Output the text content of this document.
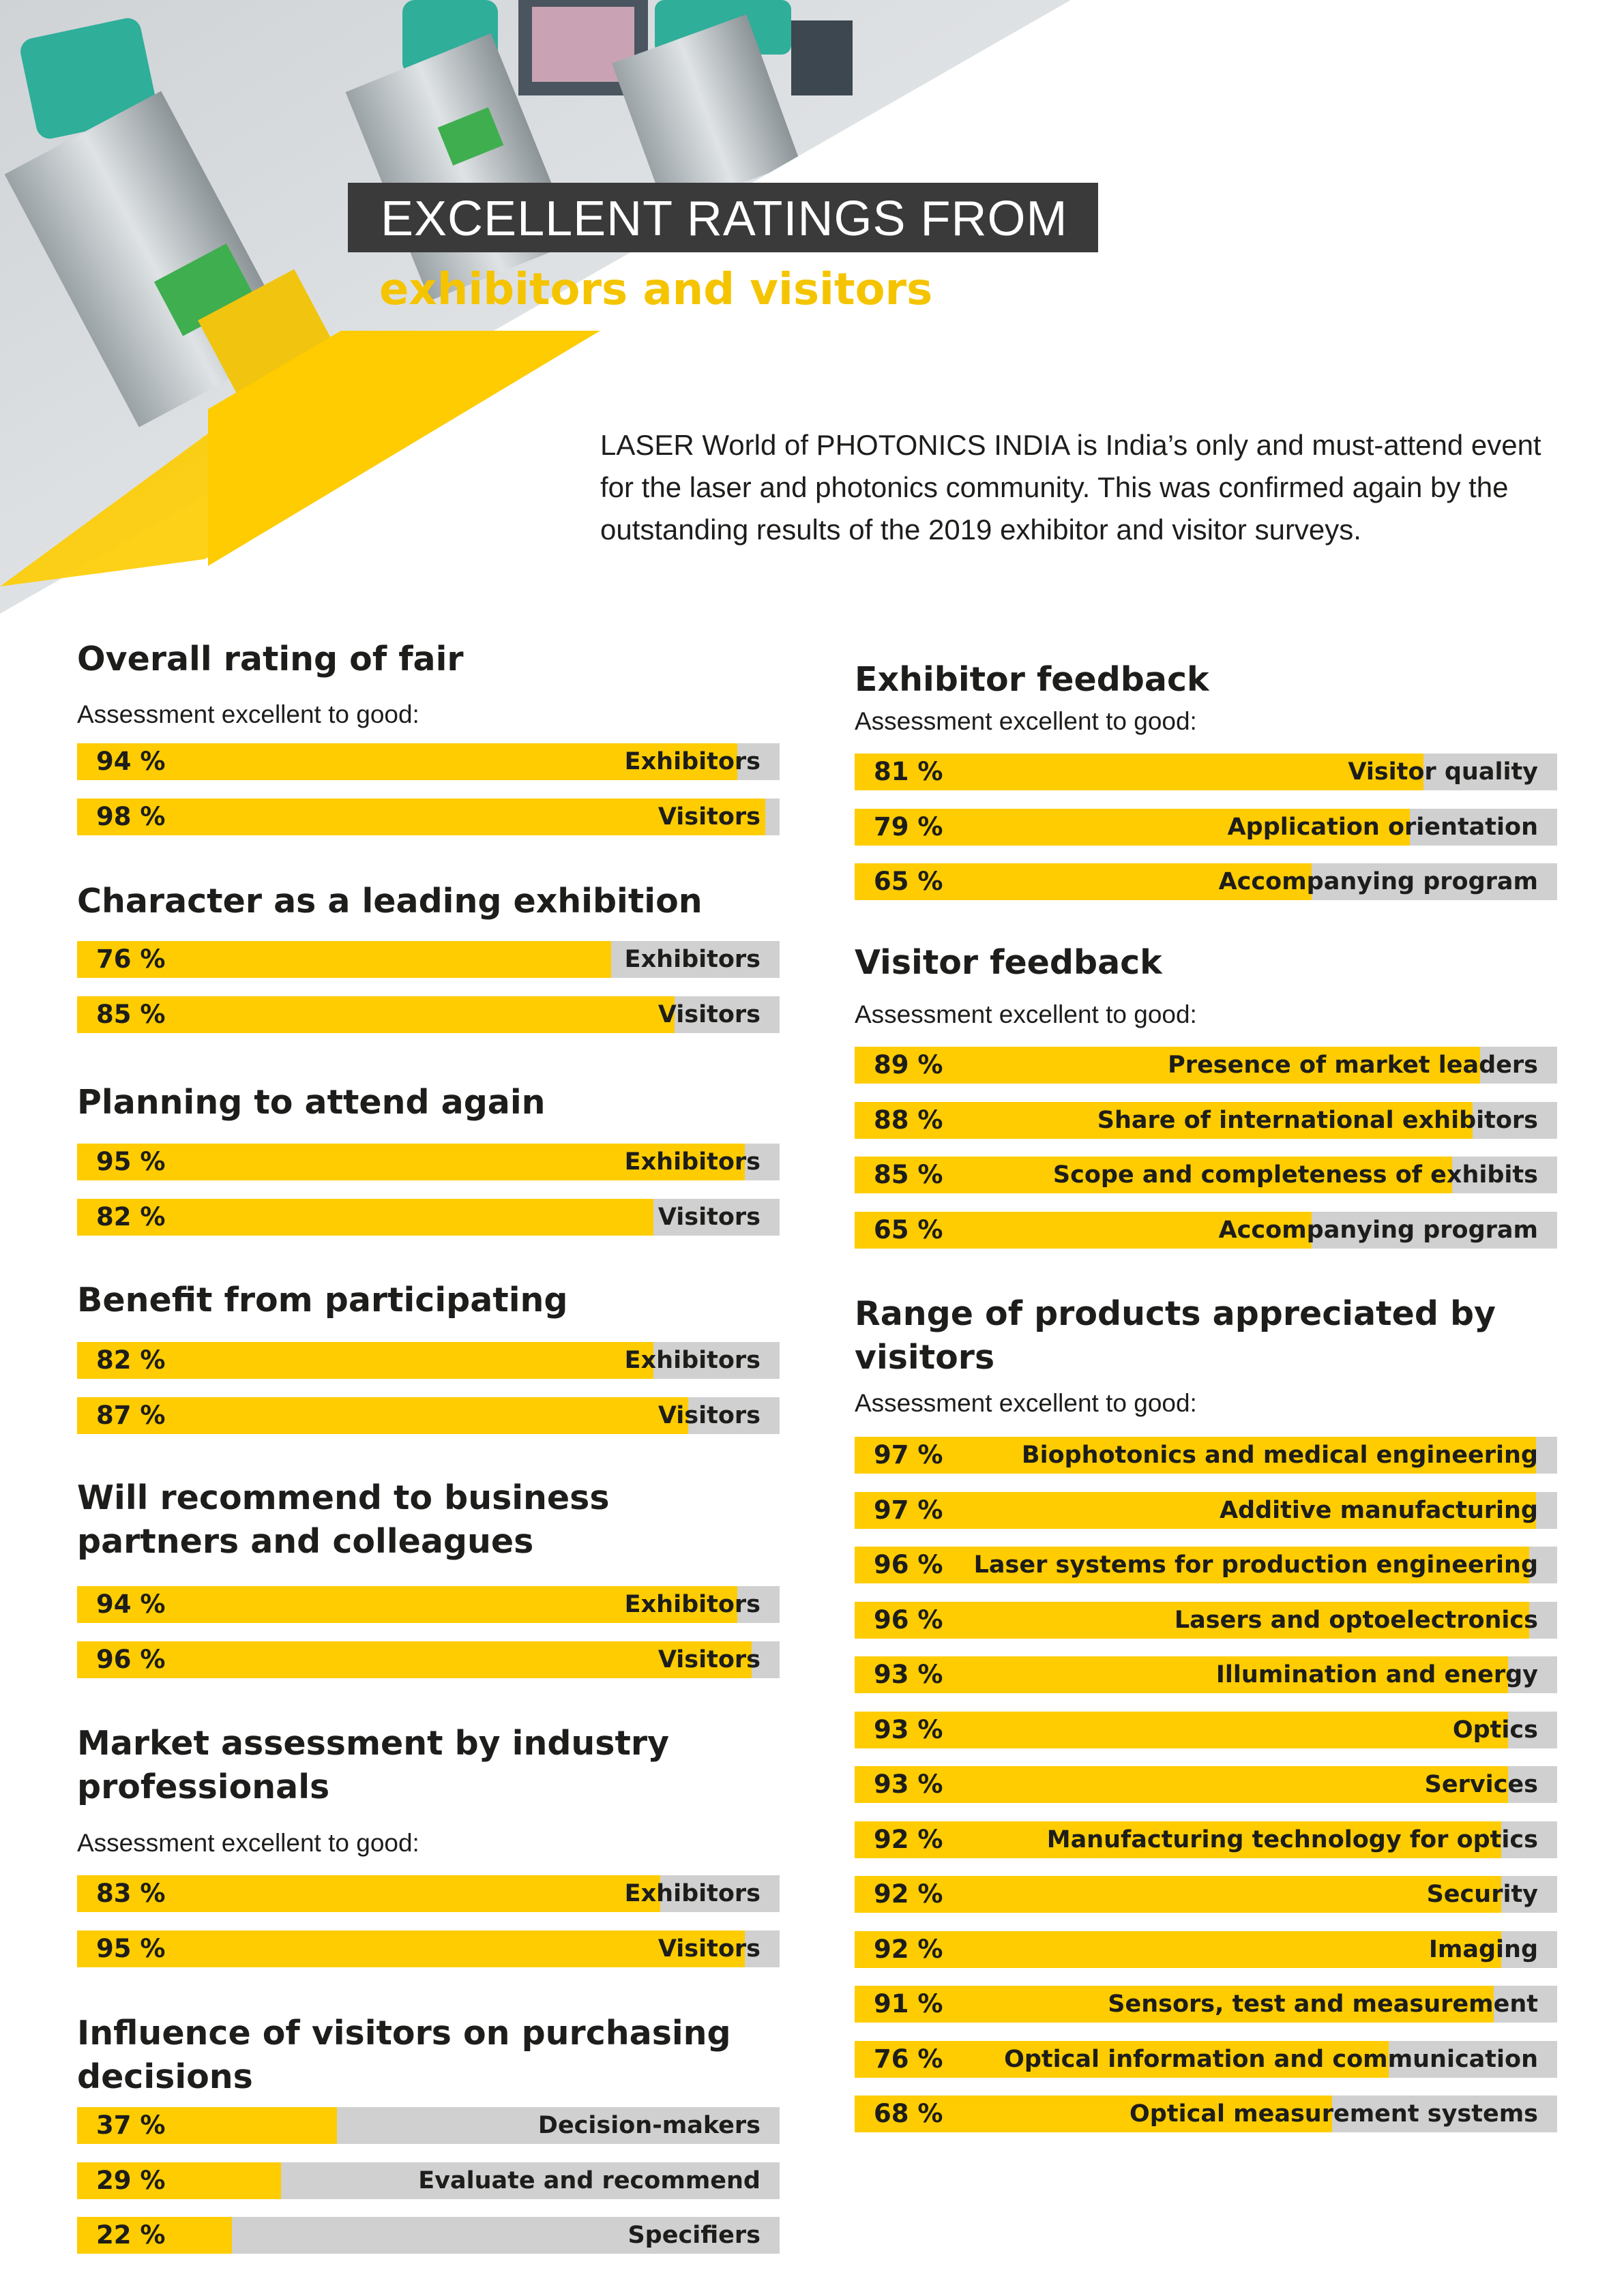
EXCELLENT RATINGS FROM
exhibitors and visitors
LASER World of PHOTONICS INDIA is India’s only and must-attend event for the laser and photonics community. This was confirmed again by the outstanding results of the 2019 exhibitor and visitor surveys.
Overall rating of fair
Assessment excellent to good:
94 %	Exhibitors
98 %	Visitors
Character as a leading exhibition
76 %	Exhibitors
85 %	Visitors
Planning to attend again
95 %	Exhibitors
82 %	Visitors
Benefit from participating
82 %	Exhibitors
87 %	Visitors
Will recommend to business partners and colleagues
94 %	Exhibitors
96 %	Visitors
Market assessment by industry professionals
Assessment excellent to good:
83 %	Exhibitors
95 %	Visitors
Influence of visitors on purchasing decisions
37 %	Decision-makers
29 %	Evaluate and recommend
22 %	Specifiers
Exhibitor feedback
Assessment excellent to good:
81 %	Visitor quality
79 %	Application orientation
65 %	Accompanying program
Visitor feedback
Assessment excellent to good:
89 %	Presence of market leaders
88 %	Share of international exhibitors
85 %	Scope and completeness of exhibits
65 %	Accompanying program
Range of products appreciated by visitors
Assessment excellent to good:
97 %	Biophotonics and medical engineering
97 %	Additive manufacturing
96 % Laser systems for production engineering
96 %	Lasers and optoelectronics
93 %	Illumination and energy
93 %	Optics
93 %	Services
92 %	Manufacturing technology for optics
92 %	Security
92 %	Imaging
91 %	Sensors, test and measurement
76 %	Optical information and communication
68 %	Optical measurement systems
